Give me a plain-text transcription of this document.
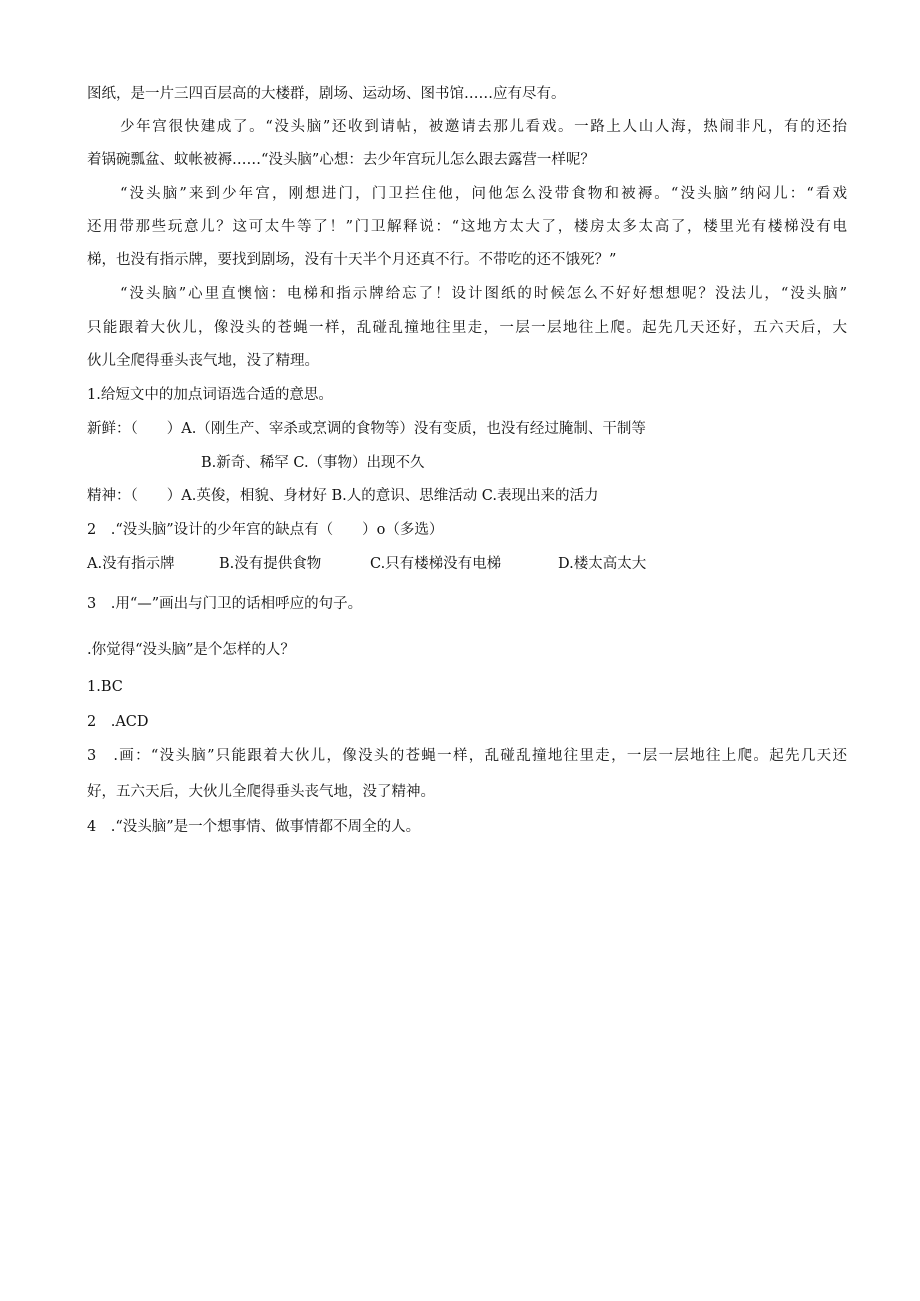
图纸，是一片三四百层高的大楼群，剧场、运动场、图书馆……应有尽有。
少年宫很快建成了。“没头脑”还收到请帖，被邀请去那儿看戏。一路上人山人海，热闹非凡，有的还抬
着锅碗瓢盆、蚊帐被褥……“没头脑”心想：去少年宫玩儿怎么跟去露营一样呢？
“没头脑”来到少年宫，刚想进门，门卫拦住他，问他怎么没带食物和被褥。“没头脑”纳闷儿：“看戏
还用带那些玩意儿？这可太牛等了！”门卫解释说：“这地方太大了，楼房太多太高了，楼里光有楼梯没有电
梯，也没有指示牌，要找到剧场，没有十天半个月还真不行。不带吃的还不饿死？”
“没头脑”心里直懊恼：电梯和指示牌给忘了！设计图纸的时候怎么不好好想想呢？没法儿，“没头脑”
只能跟着大伙儿，像没头的苍蝇一样，乱碰乱撞地往里走，一层一层地往上爬。起先几天还好，五六天后，大
伙儿全爬得垂头丧气地，没了精理。
1.给短文中的加点词语选合适的意思。
新鲜：（　　）A.（刚生产、宰杀或烹调的食物等）没有变质，也没有经过腌制、干制等
B.新奇、稀罕 C.（事物）出现不久
精神：（　　）A.英俊，相貌、身材好 B.人的意识、思维活动 C.表现出来的活力
2　.“没头脑”设计的少年宫的缺点有（　　）o（多选）
A.没有指示牌	B.没有提供食物	C.只有楼梯没有电梯	D.楼太高太大
3　.用“—”画出与门卫的话相呼应的句子。
.你觉得“没头脑”是个怎样的人？
1.BC
2　.ACD
3　.画：“没头脑”只能跟着大伙儿，像没头的苍蝇一样，乱碰乱撞地往里走，一层一层地往上爬。起先几天还
好，五六天后，大伙儿全爬得垂头丧气地，没了精神。
4　.“没头脑”是一个想事情、做事情都不周全的人。
